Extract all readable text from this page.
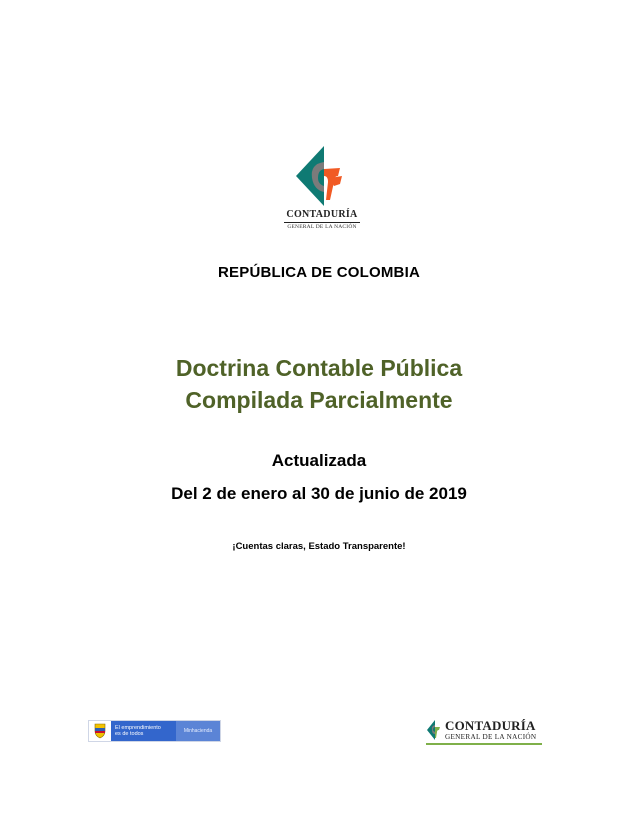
CONTADURÍA
GENERAL DE LA NACIÓN
REPÚBLICA DE COLOMBIA
Doctrina Contable Pública
Compilada Parcialmente
Actualizada
Del 2 de enero al 30 de junio de 2019
¡Cuentas claras, Estado Transparente!
El emprendimiento
es de todos	Minhacienda	CONTADURÍA
GENERAL DE LA NACIÓN
